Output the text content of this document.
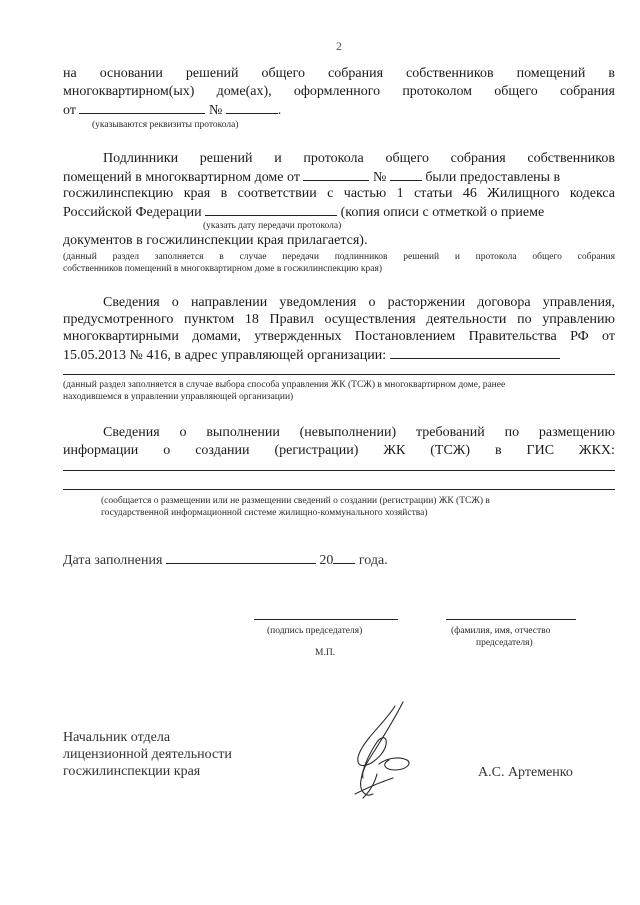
2
на основании решений общего собрания собственников помещений в
многоквартирном(ых) доме(ах), оформленного протоколом общего собрания
от	№	.
(указываются реквизиты протокола)
Подлинники решений и протокола общего собрания собственников
помещений в многоквартирном доме от	№	были предоставлены в
госжилинспекцию края в соответствии с частью 1 статьи 46 Жилищного кодекса
Российской Федерации	(копия описи с отметкой о приеме
(указать дату передачи протокола)
документов в госжилинспекции края прилагается).
(данный раздел заполняется в случае передачи подлинников решений и протокола общего собрания
собственников помещений в многоквартирном доме в госжилинспекцию края)
Сведения о направлении уведомления о расторжении договора управления,
предусмотренного пунктом 18 Правил осуществления деятельности по управлению
многоквартирными домами, утвержденных Постановлением Правительства РФ от
15.05.2013 № 416, в адрес управляющей организации:
(данный раздел заполняется в случае выбора способа управления ЖК (ТСЖ) в многоквартирном доме, ранее
находившемся в управлении управляющей организации)
Сведения о выполнении (невыполнении) требований по размещению
информации о создании (регистрации) ЖК (ТСЖ) в ГИС ЖКХ:
(сообщается о размещении или не размещении сведений о создании (регистрации) ЖК (ТСЖ) в
государственной информационной системе жилищно-коммунального хозяйства)
Дата заполнения	20 года.
(подпись председателя)	(фамилия, имя, отчество
председателя)
М.П.
Начальник отдела
лицензионной деятельности
госжилинспекции края	А.С. Артеменко
